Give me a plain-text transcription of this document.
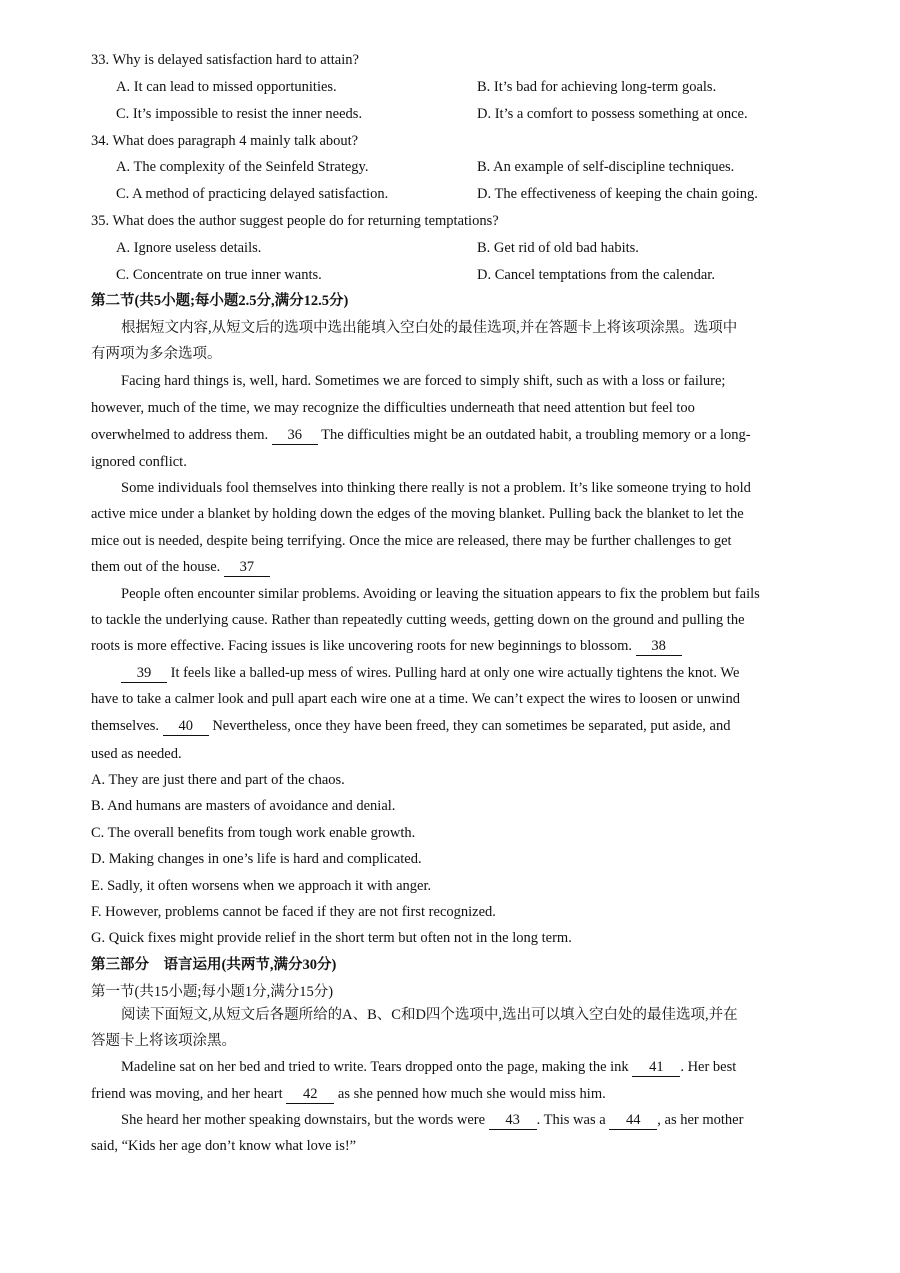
33. Why is delayed satisfaction hard to attain?
A. It can lead to missed opportunities.	B. It’s bad for achieving long-term goals.
C. It’s impossible to resist the inner needs.	D. It’s a comfort to possess something at once.
34. What does paragraph 4 mainly talk about?
A. The complexity of the Seinfeld Strategy.	B. An example of self-discipline techniques.
C. A method of practicing delayed satisfaction.	D. The effectiveness of keeping the chain going.
35. What does the author suggest people do for returning temptations?
A. Ignore useless details.	B. Get rid of old bad habits.
C. Concentrate on true inner wants.	D. Cancel temptations from the calendar.
第二节(共5小题;每小题2.5分,满分12.5分)
根据短文内容,从短文后的选项中选出能填入空白处的最佳选项,并在答题卡上将该项涂黑。选项中
有两项为多余选项。
Facing hard things is, well, hard. Sometimes we are forced to simply shift, such as with a loss or failure;
however, much of the time, we may recognize the difficulties underneath that need attention but feel too
overwhelmed to address them. 36 The difficulties might be an outdated habit, a troubling memory or a long-
ignored conflict.
Some individuals fool themselves into thinking there really is not a problem. It’s like someone trying to hold
active mice under a blanket by holding down the edges of the moving blanket. Pulling back the blanket to let the
mice out is needed, despite being terrifying. Once the mice are released, there may be further challenges to get
them out of the house. 37
People often encounter similar problems. Avoiding or leaving the situation appears to fix the problem but fails
to tackle the underlying cause. Rather than repeatedly cutting weeds, getting down on the ground and pulling the
roots is more effective. Facing issues is like uncovering roots for new beginnings to blossom. 38
39 It feels like a balled-up mess of wires. Pulling hard at only one wire actually tightens the knot. We
have to take a calmer look and pull apart each wire one at a time. We can’t expect the wires to loosen or unwind
themselves. 40 Nevertheless, once they have been freed, they can sometimes be separated, put aside, and
used as needed.
A. They are just there and part of the chaos.
B. And humans are masters of avoidance and denial.
C. The overall benefits from tough work enable growth.
D. Making changes in one’s life is hard and complicated.
E. Sadly, it often worsens when we approach it with anger.
F. However, problems cannot be faced if they are not first recognized.
G. Quick fixes might provide relief in the short term but often not in the long term.
第三部分　语言运用(共两节,满分30分)
第一节(共15小题;每小题1分,满分15分)
阅读下面短文,从短文后各题所给的A、B、C和D四个选项中,选出可以填入空白处的最佳选项,并在
答题卡上将该项涂黑。
Madeline sat on her bed and tried to write. Tears dropped onto the page, making the ink 41 . Her best
friend was moving, and her heart 42 as she penned how much she would miss him.
She heard her mother speaking downstairs, but the words were 43 . This was a 44 , as her mother
said, “Kids her age don’t know what love is!”
